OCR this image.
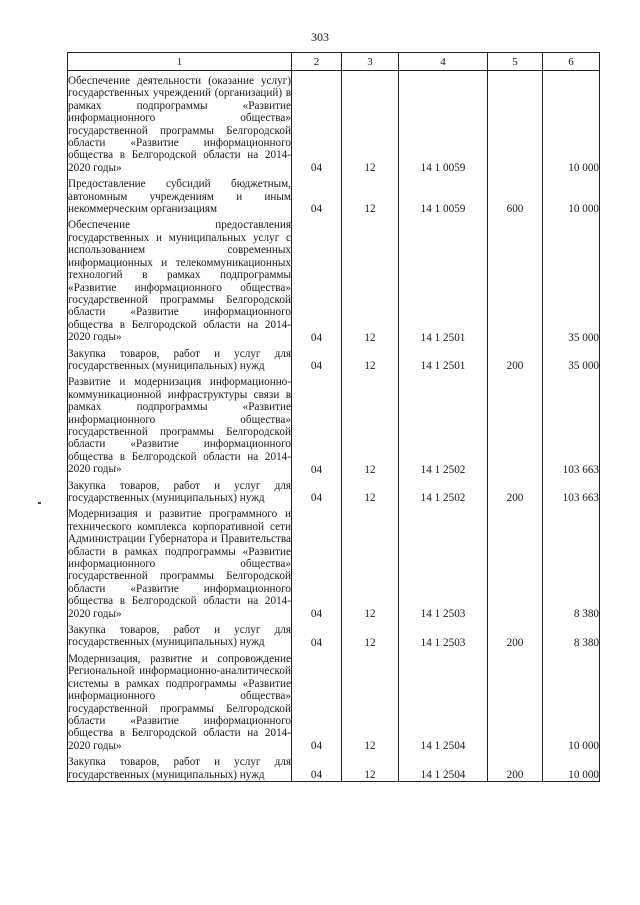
303
1	2	3	4	5	6

Обеспечение деятельности (оказание услуг) государственных учреждений (организаций) в рамках подпрограммы «Развитие информационного общества» государственной программы Белгородской области «Развитие информационного общества в Белгородской области на 2014-2020 годы»	04	12	14 1 0059		10 000

Предоставление субсидий бюджетным, автономным учреждениям и иным некоммерческим организациям	04	12	14 1 0059	600	10 000

Обеспечение предоставления государственных и муниципальных услуг с использованием современных информационных и телекоммуникационных технологий в рамках подпрограммы «Развитие информационного общества» государственной программы Белгородской области «Развитие информационного общества в Белгородской области на 2014-2020 годы»	04	12	14 1 2501		35 000

Закупка товаров, работ и услуг для государственных (муниципальных) нужд	04	12	14 1 2501	200	35 000

Развитие и модернизация информационно-коммуникационной инфраструктуры связи в рамках подпрограммы «Развитие информационного общества» государственной программы Белгородской области «Развитие информационного общества в Белгородской области на 2014-2020 годы»	04	12	14 1 2502		103 663

Закупка товаров, работ и услуг для государственных (муниципальных) нужд	04	12	14 1 2502	200	103 663

Модернизация и развитие программного и технического комплекса корпоративной сети Администрации Губернатора и Правительства области в рамках подпрограммы «Развитие информационного общества» государственной программы Белгородской области «Развитие информационного общества в Белгородской области на 2014-2020 годы»	04	12	14 1 2503		8 380

Закупка товаров, работ и услуг для государственных (муниципальных) нужд	04	12	14 1 2503	200	8 380

Модернизация, развитие и сопровождение Региональной информационно-аналитической системы в рамках подпрограммы «Развитие информационного общества» государственной программы Белгородской области «Развитие информационного общества в Белгородской области на 2014-2020 годы»	04	12	14 1 2504		10 000

Закупка товаров, работ и услуг для государственных (муниципальных) нужд	04	12	14 1 2504	200	10 000
